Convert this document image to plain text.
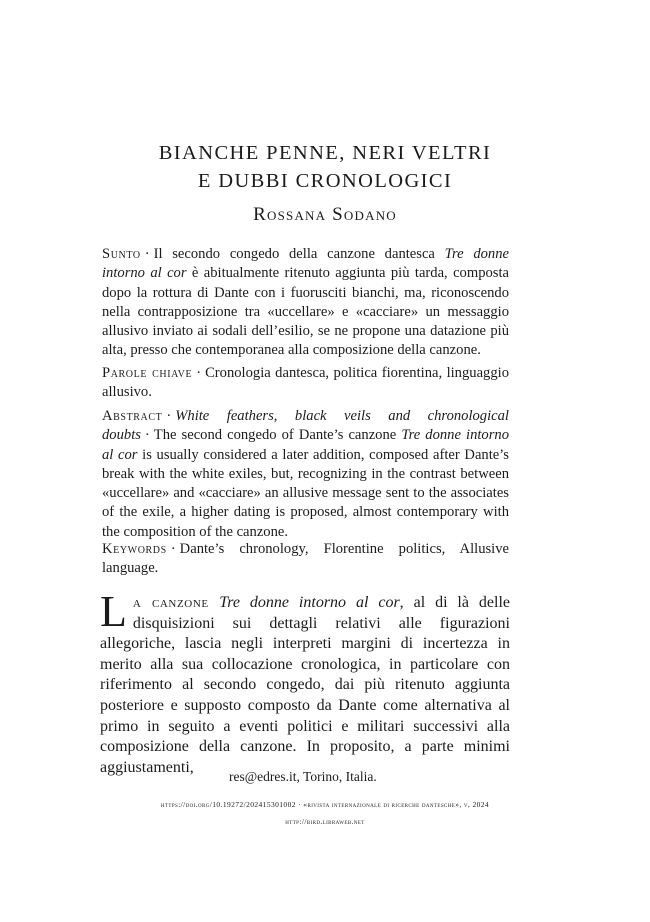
BIANCHE PENNE, NERI VELTRI
E DUBBI CRONOLOGICI
Rossana Sodano
Sunto · Il secondo congedo della canzone dantesca Tre donne intorno al cor è abitualmente ritenuto aggiunta più tarda, composta dopo la rottura di Dante con i fuorusciti bianchi, ma, riconoscendo nella contrapposizione tra «uccellare» e «cacciare» un messaggio allusivo inviato ai sodali dell’esilio, se ne propone una datazione più alta, presso che contemporanea alla composizione della canzone.
Parole chiave · Cronologia dantesca, politica fiorentina, linguaggio allusivo.
Abstract · White feathers, black veils and chronological doubts · The second congedo of Dante’s canzone Tre donne intorno al cor is usually considered a later addition, composed after Dante’s break with the white exiles, but, recognizing in the contrast between «uccellare» and «cacciare» an allusive message sent to the associates of the exile, a higher dating is proposed, almost contemporary with the composition of the canzone.
Keywords · Dante’s chronology, Florentine politics, Allusive language.
La canzone Tre donne intorno al cor, al di là delle disquisizioni sui dettagli relativi alle figurazioni allegoriche, lascia negli interpreti margini di incertezza in merito alla sua collocazione cronologica, in particolare con riferimento al secondo congedo, dai più ritenuto aggiunta posteriore e supposto composto da Dante come alternativa al primo in seguito a eventi politici e militari successivi alla composizione della canzone. In proposito, a parte minimi aggiustamenti,
res@edres.it, Torino, Italia.
https://doi.org/10.19272/202415301002 · «rivista internazionale di ricerche dantesche», v, 2024
http://bird.libraweb.net
